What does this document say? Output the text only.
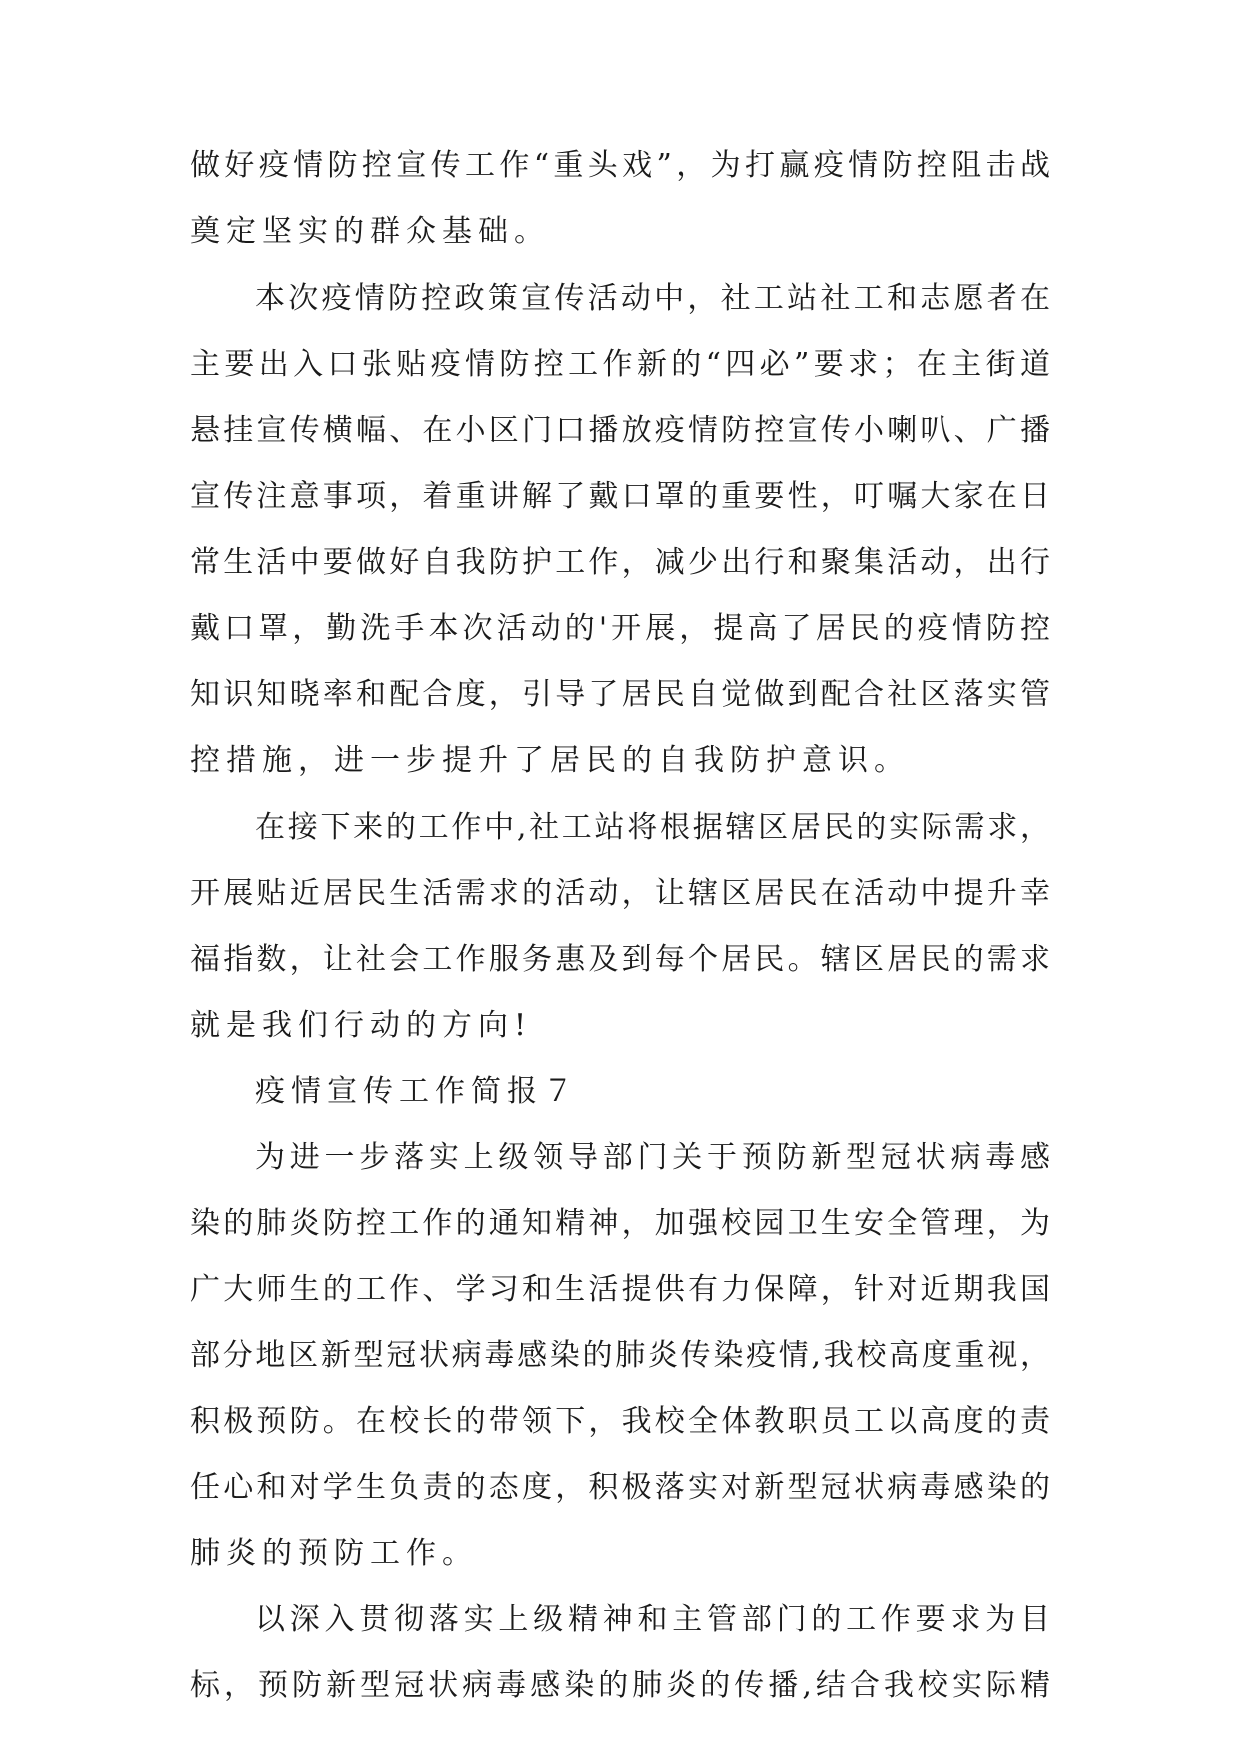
做好疫情防控宣传工作“重头戏”，为打赢疫情防控阻击战
奠定坚实的群众基础。
本次疫情防控政策宣传活动中，社工站社工和志愿者在
主要出入口张贴疫情防控工作新的“四必”要求；在主街道
悬挂宣传横幅、在小区门口播放疫情防控宣传小喇叭、广播
宣传注意事项，着重讲解了戴口罩的重要性，叮嘱大家在日
常生活中要做好自我防护工作，减少出行和聚集活动，出行
戴口罩，勤洗手本次活动的'开展，提高了居民的疫情防控
知识知晓率和配合度，引导了居民自觉做到配合社区落实管
控措施，进一步提升了居民的自我防护意识。
在接下来的工作中,社工站将根据辖区居民的实际需求，
开展贴近居民生活需求的活动，让辖区居民在活动中提升幸
福指数，让社会工作服务惠及到每个居民。辖区居民的需求
就是我们行动的方向!
疫情宣传工作简报７
为进一步落实上级领导部门关于预防新型冠状病毒感
染的肺炎防控工作的通知精神，加强校园卫生安全管理，为
广大师生的工作、学习和生活提供有力保障，针对近期我国
部分地区新型冠状病毒感染的肺炎传染疫情,我校高度重视，
积极预防。在校长的带领下，我校全体教职员工以高度的责
任心和对学生负责的态度，积极落实对新型冠状病毒感染的
肺炎的预防工作。
以深入贯彻落实上级精神和主管部门的工作要求为目
标，预防新型冠状病毒感染的肺炎的传播,结合我校实际精
